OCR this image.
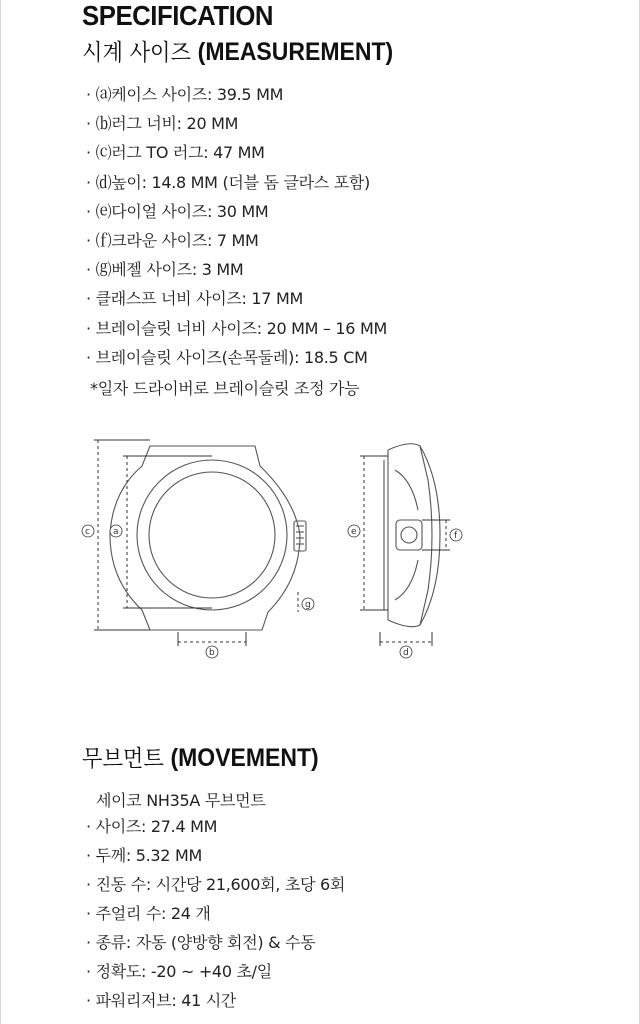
SPECIFICATION
시계 사이즈 (MEASUREMENT)
· ⒜케이스 사이즈: 39.5 MM
· ⒝러그 너비: 20 MM
· ⒞러그 TO 러그: 47 MM
· ⒟높이: 14.8 MM (더블 돔 글라스 포함)
· ⒠다이얼 사이즈: 30 MM
· ⒡크라운 사이즈: 7 MM
· ⒢베젤 사이즈: 3 MM
· 클래스프 너비 사이즈: 17 MM
· 브레이슬릿 너비 사이즈: 20 MM – 16 MM
· 브레이슬릿 사이즈(손목둘레): 18.5 CM
*일자 드라이버로 브레이슬릿 조정 가능
c	a
b
g
e
d
f
무브먼트 (MOVEMENT)
세이코 NH35A 무브먼트
· 사이즈: 27.4 MM
· 두께: 5.32 MM
· 진동 수: 시간당 21,600회, 초당 6회
· 주얼리 수: 24 개
· 종류: 자동 (양방향 회전) & 수동
· 정확도: -20 ~ +40 초/일
· 파워리저브: 41 시간
